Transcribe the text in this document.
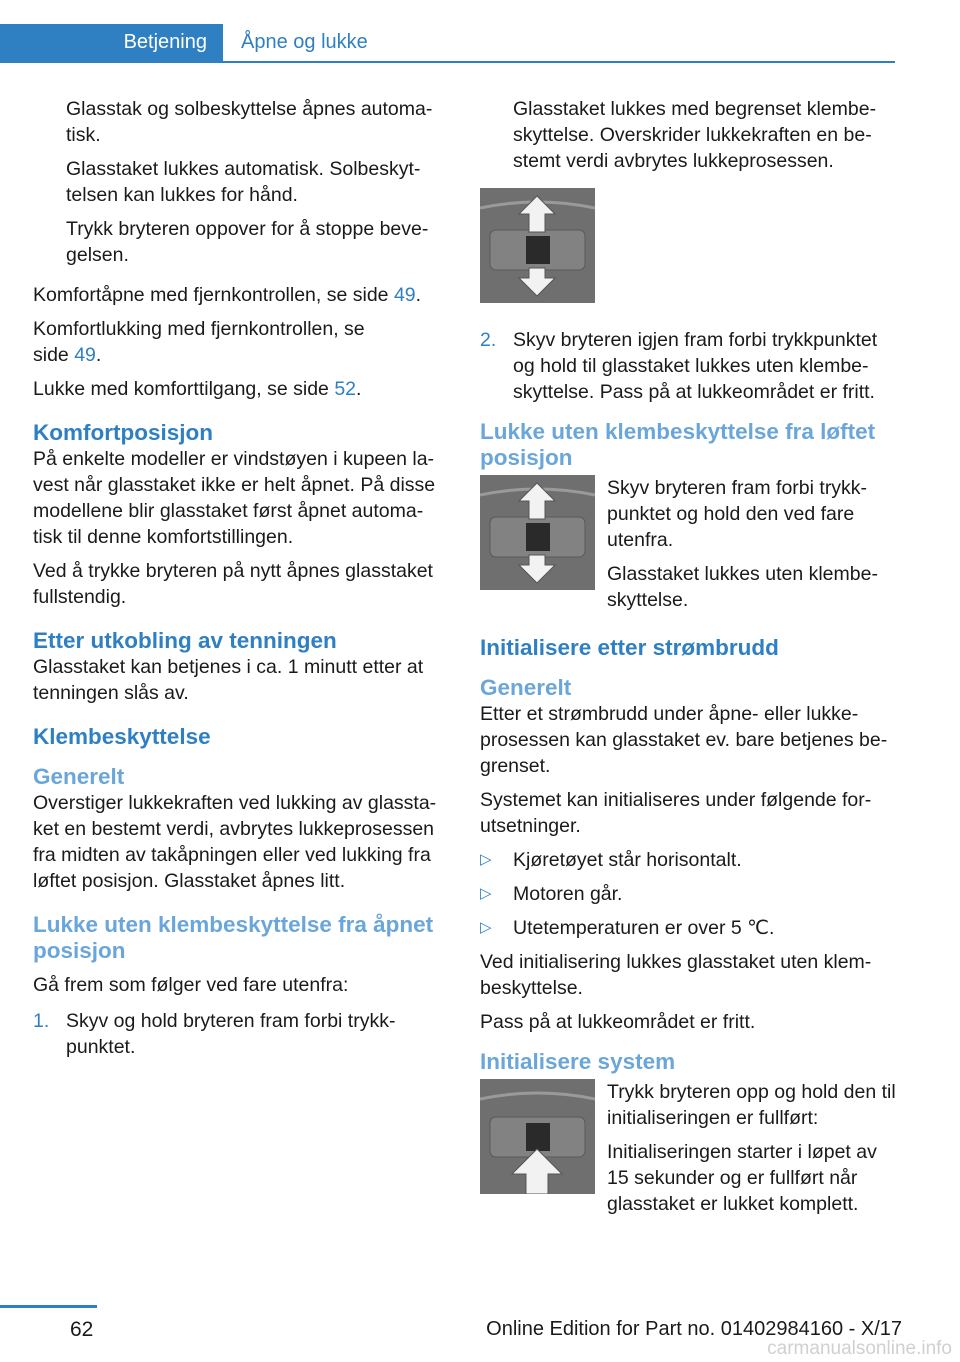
Betjening	Åpne og lukke

Glasstak og solbeskyttelse åpnes automa-tisk.

Glasstaket lukkes automatisk. Solbeskyt-telsen kan lukkes for hånd.

Trykk bryteren oppover for å stoppe beve-gelsen.

Komfortåpne med fjernkontrollen, se side 49.

Komfortlukking med fjernkontrollen, se side 49.

Lukke med komforttilgang, se side 52.

Komfortposisjon

På enkelte modeller er vindstøyen i kupeen la-vest når glasstaket ikke er helt åpnet. På disse modellene blir glasstaket først åpnet automa-tisk til denne komfortstillingen.

Ved å trykke bryteren på nytt åpnes glasstaket fullstendig.

Etter utkobling av tenningen

Glasstaket kan betjenes i ca. 1 minutt etter at tenningen slås av.

Klembeskyttelse
Generelt

Overstiger lukkekraften ved lukking av glassta-ket en bestemt verdi, avbrytes lukkeprosessen fra midten av takåpningen eller ved lukking fra løftet posisjon. Glasstaket åpnes litt.

Lukke uten klembeskyttelse fra åpnet posisjon

Gå frem som følger ved fare utenfra:

1. Skyv og hold bryteren fram forbi trykk-punktet.

Glasstaket lukkes med begrenset klembe-skyttelse. Overskrider lukkekraften en be-stemt verdi avbrytes lukkeprosessen.

2. Skyv bryteren igjen fram forbi trykkpunktet og hold til glasstaket lukkes uten klembe-skyttelse. Pass på at lukkeområdet er fritt.
Lukke uten klembeskyttelse fra løftet posisjon

Skyv bryteren fram forbi trykk-punktet og hold den ved fare utenfra.

Glasstaket lukkes uten klembe-skyttelse.

Initialisere etter strømbrudd
Generelt

Etter et strømbrudd under åpne- eller lukke-prosessen kan glasstaket ev. bare betjenes be-grenset.

Systemet kan initialiseres under følgende for-utsetninger.

▷	Kjøretøyet står horisontalt.
▷	Motoren går.
▷	Utetemperaturen er over 5 ℃.

Ved initialisering lukkes glasstaket uten klem-beskyttelse.

Pass på at lukkeområdet er fritt.

Initialisere system

Trykk bryteren opp og hold den til initialiseringen er fullført:

Initialiseringen starter i løpet av 15 sekunder og er fullført når glasstaket er lukket komplett.

62	Online Edition for Part no. 01402984160 - X/17
carmanualsonline.info
